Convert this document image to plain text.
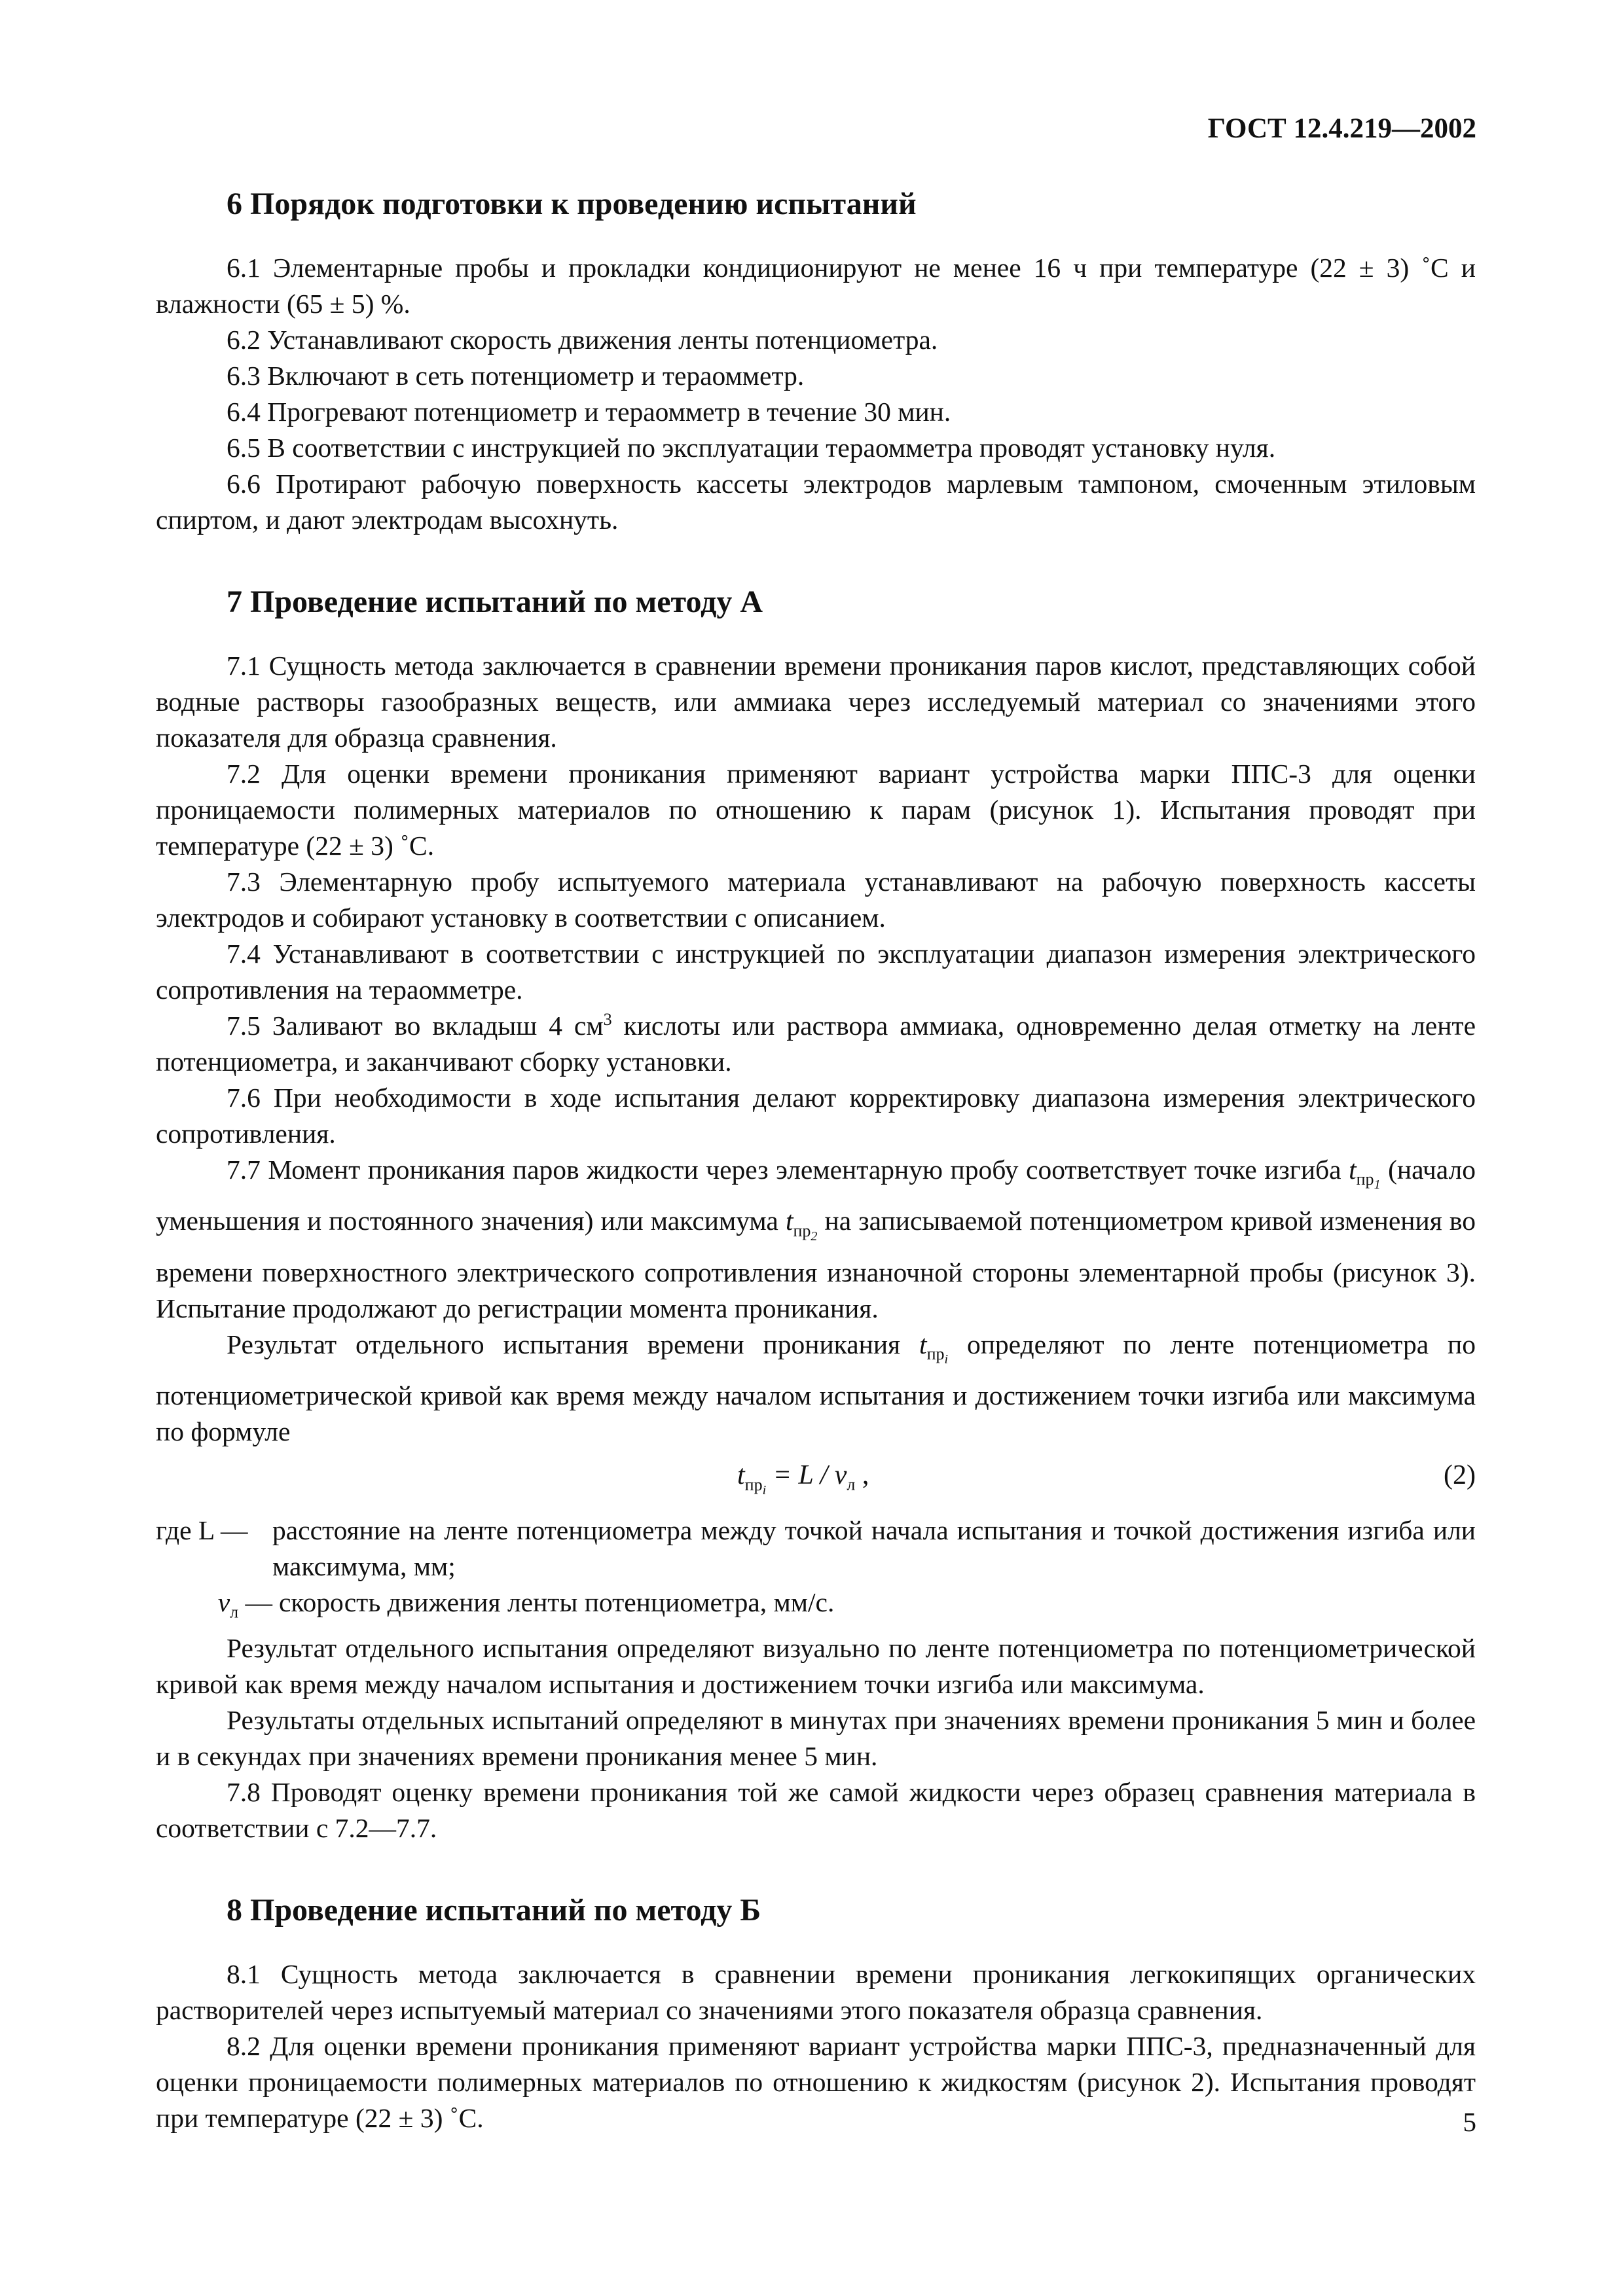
ГОСТ 12.4.219—2002
6 Порядок подготовки к проведению испытаний

6.1 Элементарные пробы и прокладки кондиционируют не менее 16 ч при температуре (22 ± 3) ˚С и влажности (65 ± 5) %.

6.2 Устанавливают скорость движения ленты потенциометра.

6.3 Включают в сеть потенциометр и тераомметр.

6.4 Прогревают потенциометр и тераомметр в течение 30 мин.

6.5 В соответствии с инструкцией по эксплуатации тераомметра проводят установку нуля.

6.6 Протирают рабочую поверхность кассеты электродов марлевым тампоном, смоченным этиловым спиртом, и дают электродам высохнуть.

7 Проведение испытаний по методу А

7.1 Сущность метода заключается в сравнении времени проникания паров кислот, представляющих собой водные растворы газообразных веществ, или аммиака через исследуемый материал со значениями этого показателя для образца сравнения.

7.2 Для оценки времени проникания применяют вариант устройства марки ППС-3 для оценки проницаемости полимерных материалов по отношению к парам (рисунок 1). Испытания проводят при температуре (22 ± 3) ˚С.

7.3 Элементарную пробу испытуемого материала устанавливают на рабочую поверхность кассеты электродов и собирают установку в соответствии с описанием.

7.4 Устанавливают в соответствии с инструкцией по эксплуатации диапазон измерения электрического сопротивления на тераомметре.

7.5 Заливают во вкладыш 4 $см^3$ кислоты или раствора аммиака, одновременно делая отметку на ленте потенциометра, и заканчивают сборку установки.

7.6 При необходимости в ходе испытания делают корректировку диапазона измерения электрического сопротивления.

7.7 Момент проникания паров жидкости через элементарную пробу соответствует точке изгиба $t_{пр_1}$ (начало уменьшения и постоянного значения) или максимума $t_{пр_2}$ на записываемой потенциометром кривой изменения во времени поверхностного электрического сопротивления изнаночной стороны элементарной пробы (рисунок 3). Испытание продолжают до регистрации момента проникания.

Результат отдельного испытания времени проникания $t_{пр_i}$ определяют по ленте потенциометра по потенциометрической кривой как время между началом испытания и достижением точки изгиба или максимума по формуле

$t_{пр_i} = L / v_л$ ,	(2)
где L — расстояние на ленте потенциометра между точкой начала испытания и точкой достижения изгиба или максимума, мм;
$v_л$ — скорость движения ленты потенциометра, мм/с.

Результат отдельного испытания определяют визуально по ленте потенциометра по потенциометрической кривой как время между началом испытания и достижением точки изгиба или максимума.

Результаты отдельных испытаний определяют в минутах при значениях времени проникания 5 мин и более и в секундах при значениях времени проникания менее 5 мин.

7.8 Проводят оценку времени проникания той же самой жидкости через образец сравнения материала в соответствии с 7.2—7.7.

8 Проведение испытаний по методу Б

8.1 Сущность метода заключается в сравнении времени проникания легкокипящих органических растворителей через испытуемый материал со значениями этого показателя образца сравнения.

8.2 Для оценки времени проникания применяют вариант устройства марки ППС-3, предназначенный для оценки проницаемости полимерных материалов по отношению к жидкостям (рисунок 2). Испытания проводят при температуре (22 ± 3) ˚С.	5
